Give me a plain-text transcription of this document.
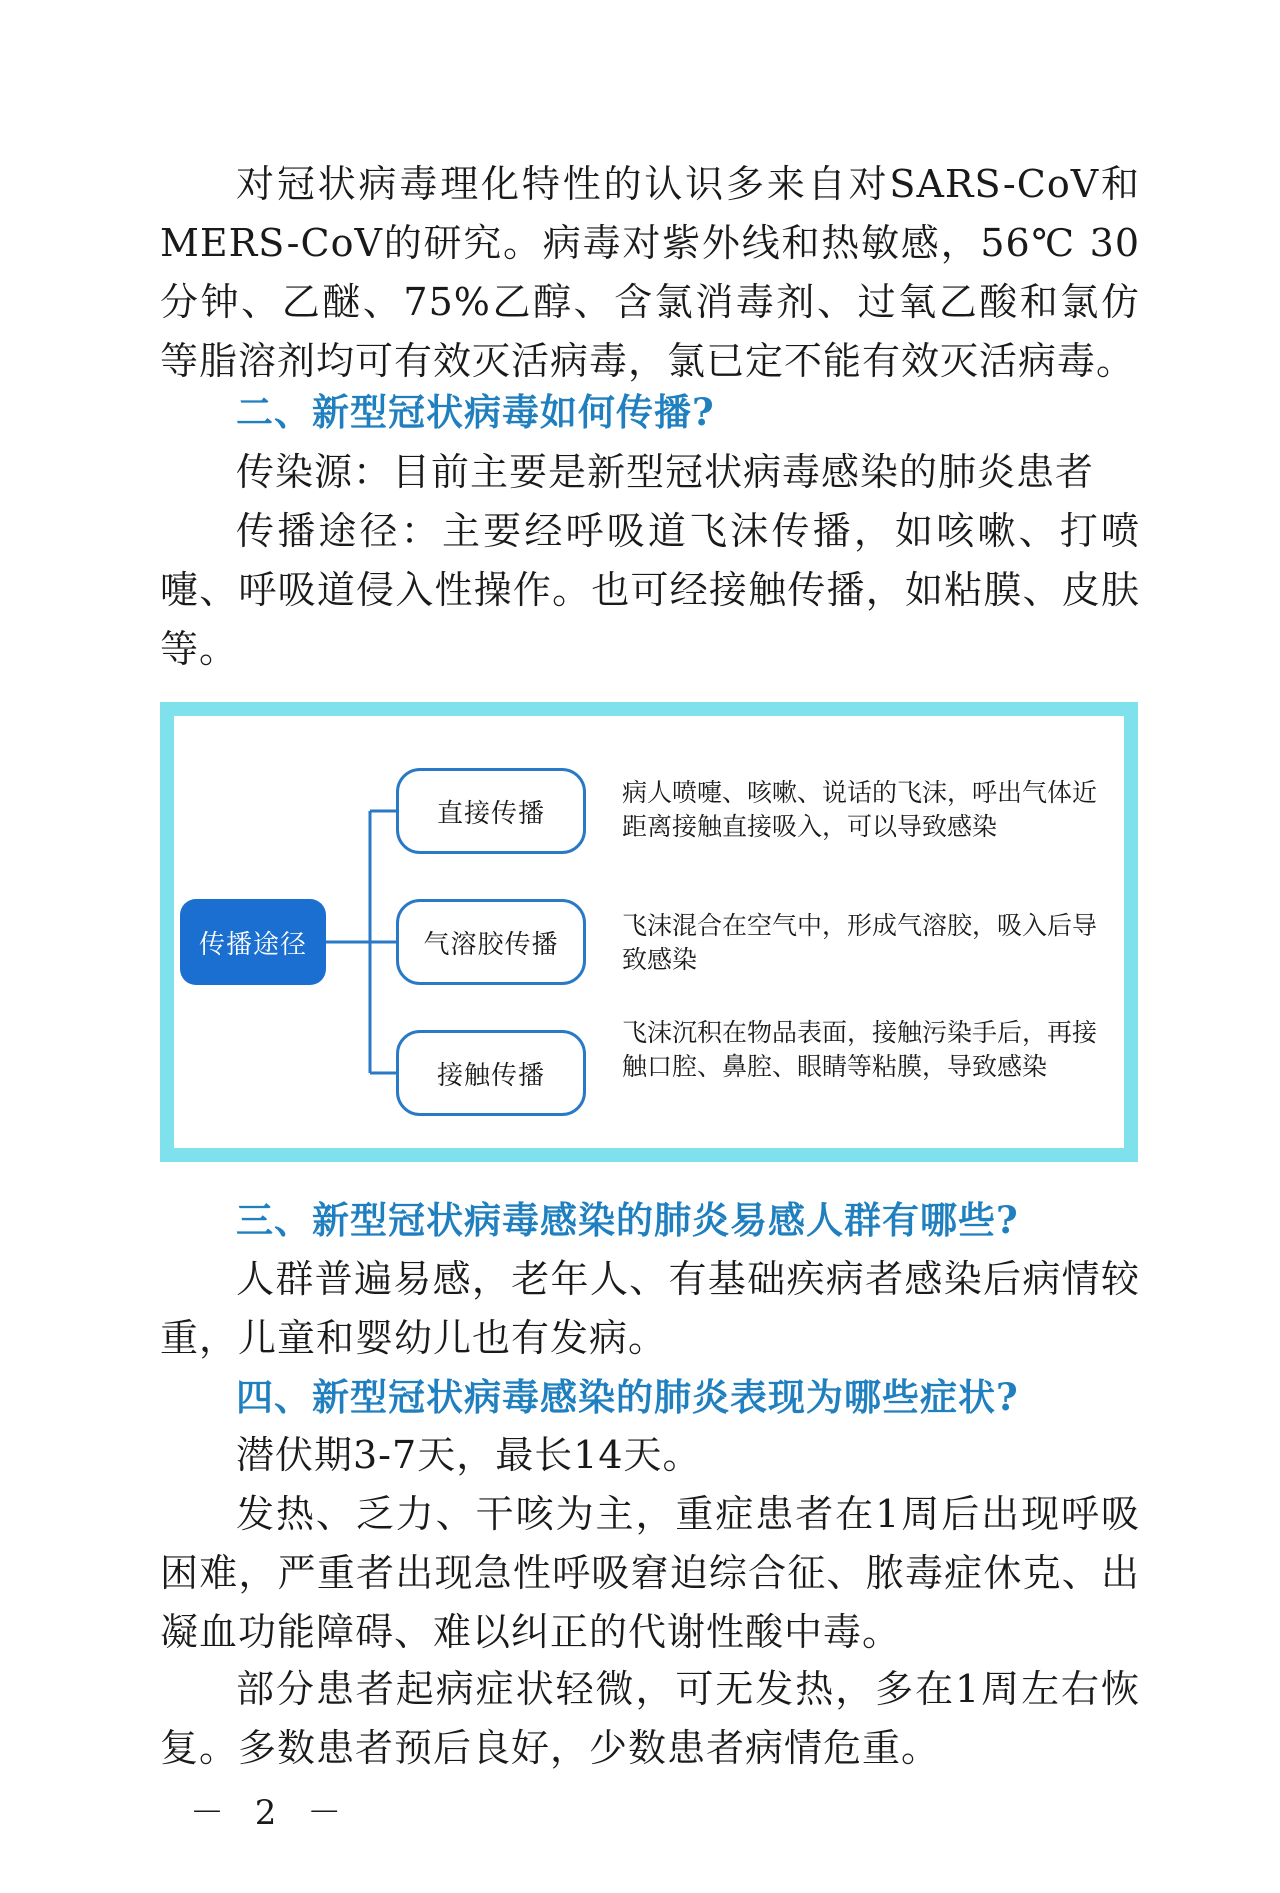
对冠状病毒理化特性的认识多来自对SARS-CoV和MERS-CoV的研究。病毒对紫外线和热敏感，56℃ 30分钟、乙醚、75%乙醇、含氯消毒剂、过氧乙酸和氯仿等脂溶剂均可有效灭活病毒，氯已定不能有效灭活病毒。

二、新型冠状病毒如何传播?

传染源：目前主要是新型冠状病毒感染的肺炎患者

传播途径：主要经呼吸道飞沫传播，如咳嗽、打喷嚏、呼吸道侵入性操作。也可经接触传播，如粘膜、皮肤等。

传播途径
直接传播

病人喷嚏、咳嗽、说话的飞沫，呼出气体近距离接触直接吸入，可以导致感染

气溶胶传播

飞沫混合在空气中，形成气溶胶，吸入后导致感染

接触传播

飞沫沉积在物品表面，接触污染手后，再接触口腔、鼻腔、眼睛等粘膜，导致感染

三、新型冠状病毒感染的肺炎易感人群有哪些?

人群普遍易感，老年人、有基础疾病者感染后病情较重，儿童和婴幼儿也有发病。

四、新型冠状病毒感染的肺炎表现为哪些症状?

潜伏期3-7天，最长14天。

发热、乏力、干咳为主，重症患者在1周后出现呼吸困难，严重者出现急性呼吸窘迫综合征、脓毒症休克、出凝血功能障碍、难以纠正的代谢性酸中毒。

部分患者起病症状轻微，可无发热，多在1周左右恢复。多数患者预后良好，少数患者病情危重。

－ 2 －
